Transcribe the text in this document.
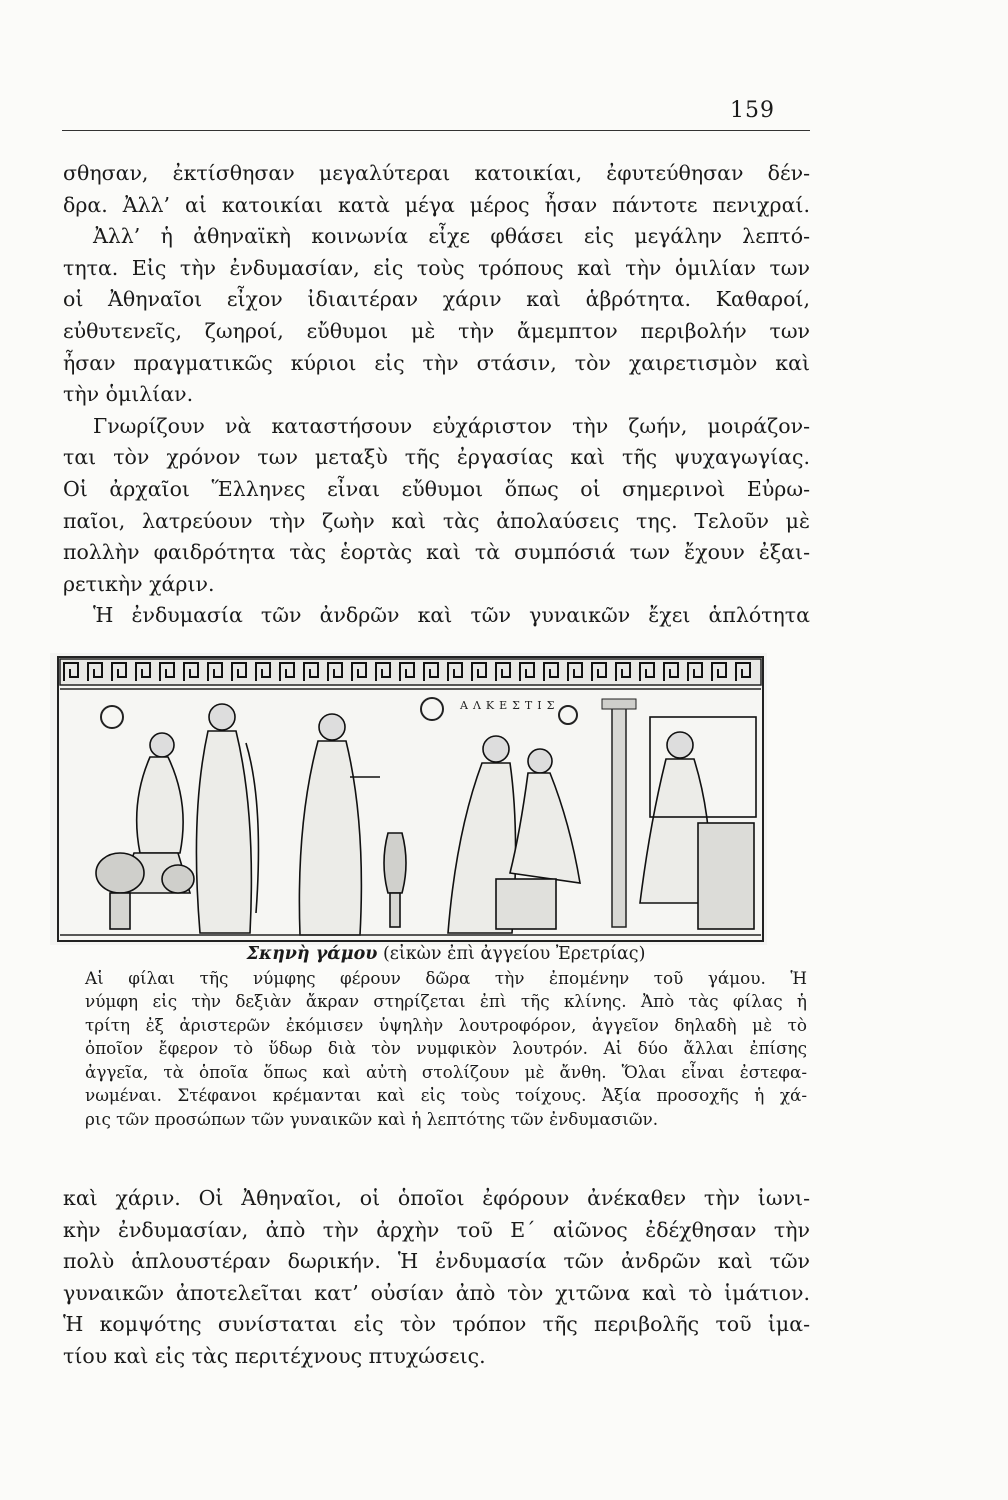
159
σθησαν, ἐκτίσθησαν μεγαλύτεραι κατοικίαι, ἐφυτεύθησαν δέν-
δρα. Ἀλλ’ αἱ κατοικίαι κατὰ μέγα μέρος ἦσαν πάντοτε πενιχραί.
Ἀλλ’ ἡ ἀθηναϊκὴ κοινωνία εἶχε φθάσει εἰς μεγάλην λεπτό-
τητα. Εἰς τὴν ἐνδυμασίαν, εἰς τοὺς τρόπους καὶ τὴν ὁμιλίαν των
οἱ Ἀθηναῖοι εἶχον ἰδιαιτέραν χάριν καὶ ἁβρότητα. Καθαροί,
εὐθυτενεῖς, ζωηροί, εὔθυμοι μὲ τὴν ἄμεμπτον περιβολήν των
ἦσαν πραγματικῶς κύριοι εἰς τὴν στάσιν, τὸν χαιρετισμὸν καὶ
τὴν ὁμιλίαν.
Γνωρίζουν νὰ καταστήσουν εὐχάριστον τὴν ζωήν, μοιράζον-
ται τὸν χρόνον των μεταξὺ τῆς ἐργασίας καὶ τῆς ψυχαγωγίας.
Οἱ ἀρχαῖοι Ἕλληνες εἶναι εὔθυμοι ὅπως οἱ σημερινοὶ Εὐρω-
παῖοι, λατρεύουν τὴν ζωὴν καὶ τὰς ἀπολαύσεις της. Τελοῦν μὲ
πολλὴν φαιδρότητα τὰς ἑορτὰς καὶ τὰ συμπόσιά των ἔχουν ἐξαι-
ρετικὴν χάριν.
Ἡ ἐνδυμασία τῶν ἀνδρῶν καὶ τῶν γυναικῶν ἔχει ἁπλότητα
ΑΛΚΕΣΤΙΣ
Σκηνὴ γάμου (εἰκὼν ἐπὶ ἀγγείου Ἐρετρίας)
Αἱ φίλαι τῆς νύμφης φέρουν δῶρα τὴν ἐπομένην τοῦ γάμου. Ἡ
νύμφη εἰς τὴν δεξιὰν ἄκραν στηρίζεται ἐπὶ τῆς κλίνης. Ἀπὸ τὰς φίλας ἡ
τρίτη ἐξ ἀριστερῶν ἐκόμισεν ὑψηλὴν λουτροφόρον, ἀγγεῖον δηλαδὴ μὲ τὸ
ὁποῖον ἔφερον τὸ ὕδωρ διὰ τὸν νυμφικὸν λουτρόν. Αἱ δύο ἄλλαι ἐπίσης
ἀγγεῖα, τὰ ὁποῖα ὅπως καὶ αὐτὴ στολίζουν μὲ ἄνθη. Ὅλαι εἶναι ἐστεφα-
νωμέναι. Στέφανοι κρέμανται καὶ εἰς τοὺς τοίχους. Ἀξία προσοχῆς ἡ χά-
ρις τῶν προσώπων τῶν γυναικῶν καὶ ἡ λεπτότης τῶν ἐνδυμασιῶν.
καὶ χάριν. Οἱ Ἀθηναῖοι, οἱ ὁποῖοι ἐφόρουν ἀνέκαθεν τὴν ἰωνι-
κὴν ἐνδυμασίαν, ἀπὸ τὴν ἀρχὴν τοῦ Ε΄ αἰῶνος ἐδέχθησαν τὴν
πολὺ ἁπλουστέραν δωρικήν. Ἡ ἐνδυμασία τῶν ἀνδρῶν καὶ τῶν
γυναικῶν ἀποτελεῖται κατ’ οὐσίαν ἀπὸ τὸν χιτῶνα καὶ τὸ ἱμάτιον.
Ἡ κομψότης συνίσταται εἰς τὸν τρόπον τῆς περιβολῆς τοῦ ἱμα-
τίου καὶ εἰς τὰς περιτέχνους πτυχώσεις.
